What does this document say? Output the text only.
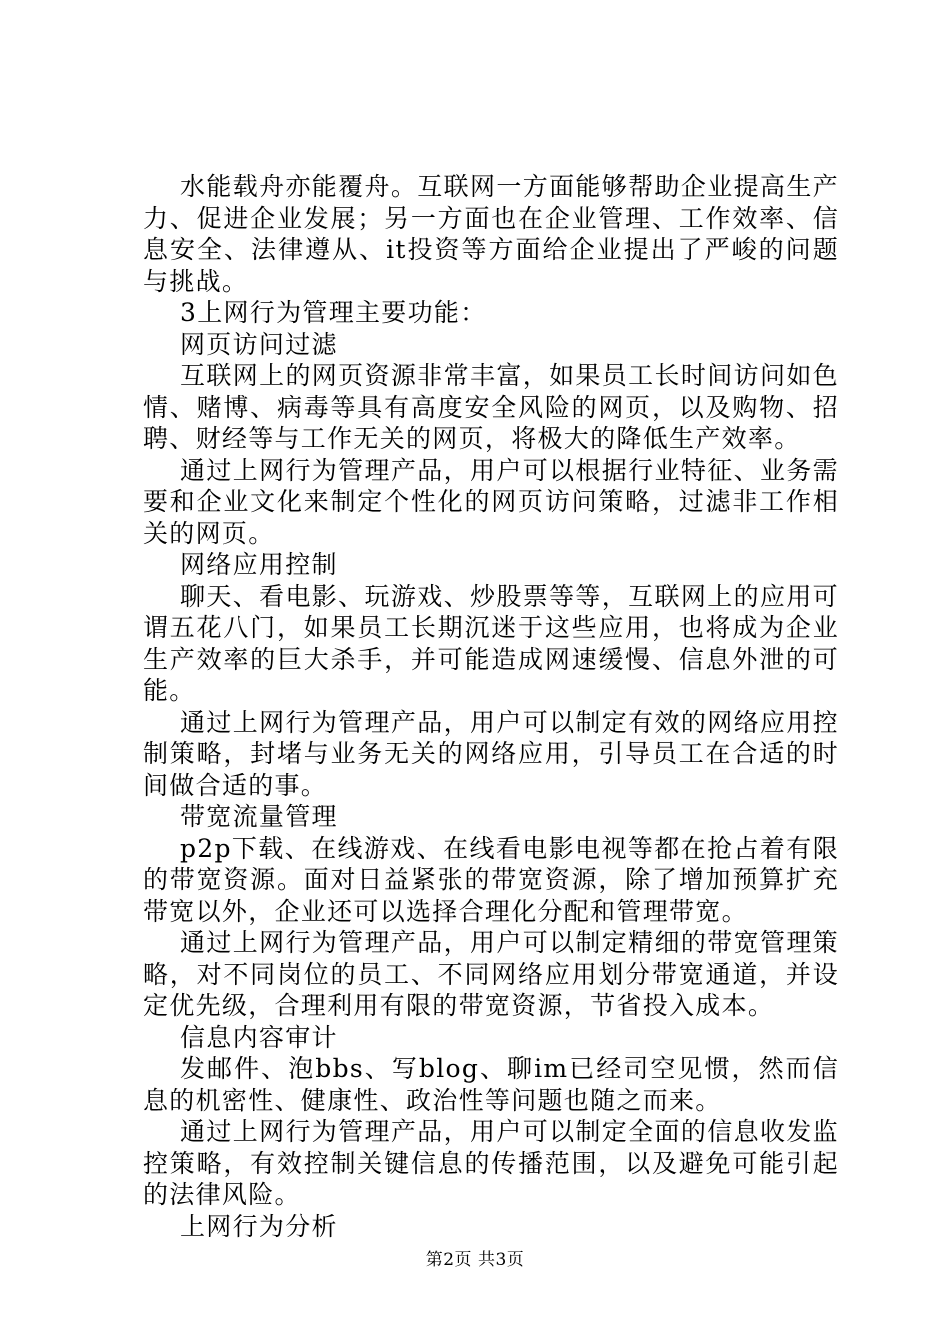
水能载舟亦能覆舟。互联网一方面能够帮助企业提高生产力、促进企业发展；另一方面也在企业管理、工作效率、信息安全、法律遵从、it投资等方面给企业提出了严峻的问题与挑战。

3上网行为管理主要功能：

网页访问过滤

互联网上的网页资源非常丰富，如果员工长时间访问如色情、赌博、病毒等具有高度安全风险的网页，以及购物、招聘、财经等与工作无关的网页，将极大的降低生产效率。

通过上网行为管理产品，用户可以根据行业特征、业务需要和企业文化来制定个性化的网页访问策略，过滤非工作相关的网页。

网络应用控制

聊天、看电影、玩游戏、炒股票等等，互联网上的应用可谓五花八门，如果员工长期沉迷于这些应用，也将成为企业生产效率的巨大杀手，并可能造成网速缓慢、信息外泄的可能。

通过上网行为管理产品，用户可以制定有效的网络应用控制策略，封堵与业务无关的网络应用，引导员工在合适的时间做合适的事。

带宽流量管理

p2p下载、在线游戏、在线看电影电视等都在抢占着有限的带宽资源。面对日益紧张的带宽资源，除了增加预算扩充带宽以外，企业还可以选择合理化分配和管理带宽。

通过上网行为管理产品，用户可以制定精细的带宽管理策略，对不同岗位的员工、不同网络应用划分带宽通道，并设定优先级，合理利用有限的带宽资源，节省投入成本。

信息内容审计

发邮件、泡bbs、写blog、聊im已经司空见惯，然而信息的机密性、健康性、政治性等问题也随之而来。

通过上网行为管理产品，用户可以制定全面的信息收发监控策略，有效控制关键信息的传播范围，以及避免可能引起的法律风险。

上网行为分析

第2页 共3页
